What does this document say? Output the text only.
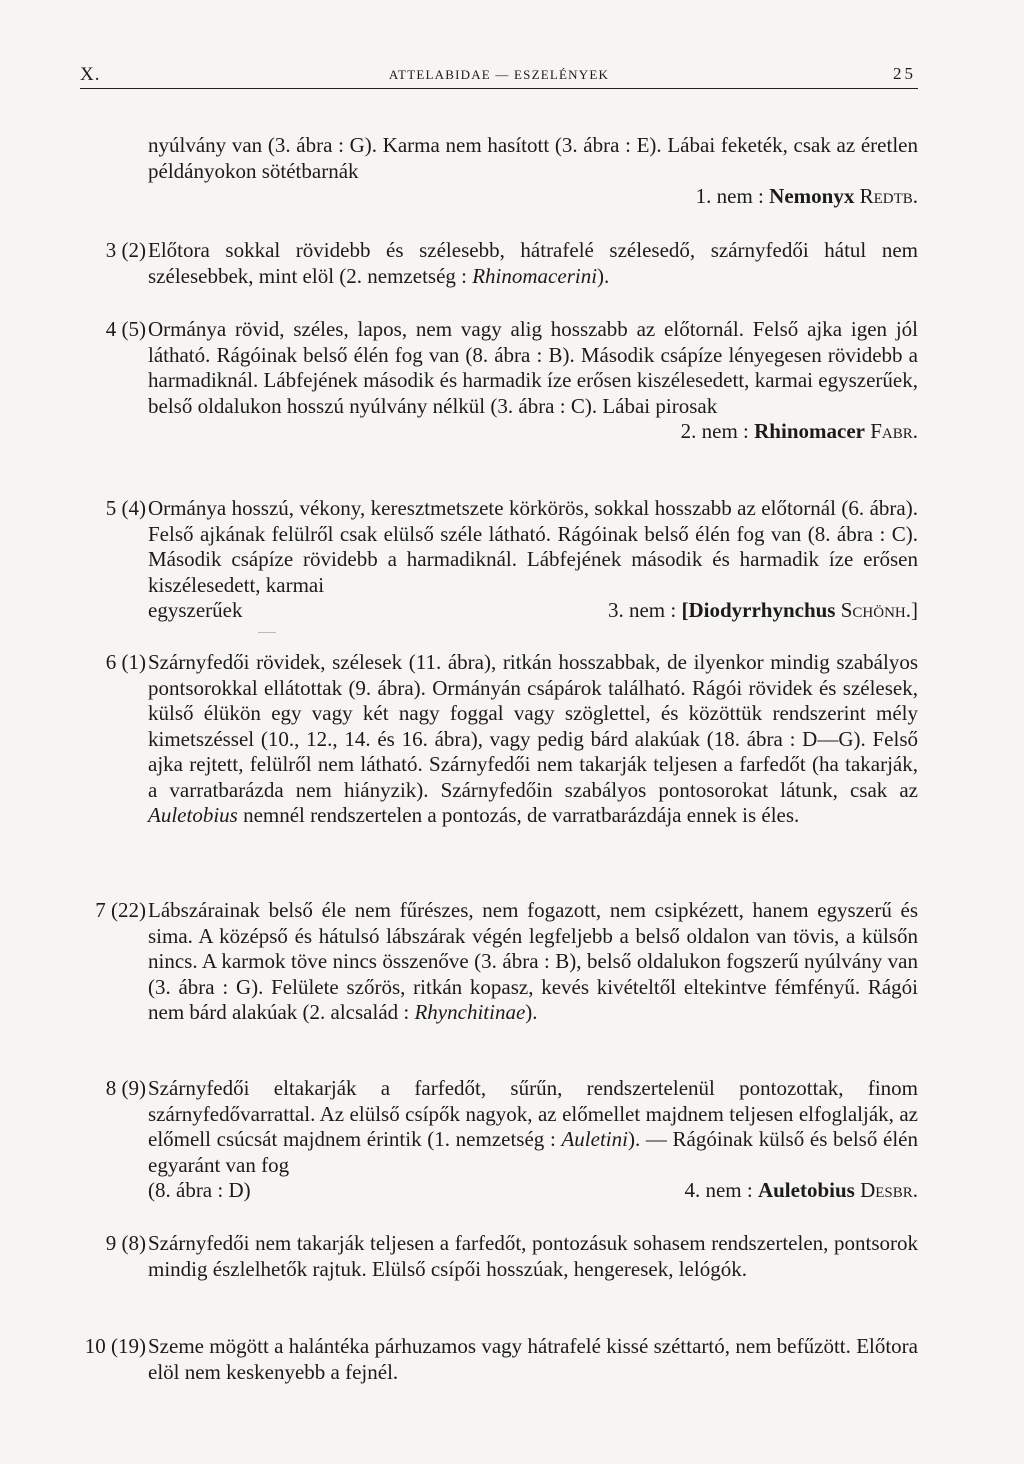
X.	ATTELABIDAE — ESZELÉNYEK	25
nyúlvány van (3. ábra : G). Karma nem hasított (3. ábra : E). Lábai feketék, csak az éretlen példányokon sötétbarnák
1. nem : Nemonyx Redtb.
3 (2) Előtora sokkal rövidebb és szélesebb, hátrafelé szélesedő, szárnyfedői hátul nem szélesebbek, mint elöl (2. nemzetség : Rhinomacerini).
4 (5) Ormánya rövid, széles, lapos, nem vagy alig hosszabb az előtornál. Felső ajka igen jól látható. Rágóinak belső élén fog van (8. ábra : B). Második csápíze lényegesen rövidebb a harmadiknál. Lábfejének második és harmadik íze erősen kiszélesedett, karmai egyszerűek, belső oldalukon hosszú nyúlvány nélkül (3. ábra : C). Lábai pirosak
2. nem : Rhinomacer Fabr.
5 (4) Ormánya hosszú, vékony, keresztmetszete körkörös, sokkal hosszabb az előtornál (6. ábra). Felső ajkának felülről csak elülső széle látható. Rágóinak belső élén fog van (8. ábra : C). Második csápíze rövidebb a harmadiknál. Lábfejének második és harmadik íze erősen kiszélesedett, karmai
egyszerűek	3. nem : [Diodyrrhynchus Schönh.]
6 (1) Szárnyfedői rövidek, szélesek (11. ábra), ritkán hosszabbak, de ilyenkor mindig szabályos pontsorokkal ellátottak (9. ábra). Ormányán csápárok található. Rágói rövidek és szélesek, külső élükön egy vagy két nagy foggal vagy szöglettel, és közöttük rendszerint mély kimetszéssel (10., 12., 14. és 16. ábra), vagy pedig bárd alakúak (18. ábra : D—G). Felső ajka rejtett, felülről nem látható. Szárnyfedői nem takarják teljesen a farfedőt (ha takarják, a varratbarázda nem hiányzik). Szárnyfedőin szabályos pontosorokat látunk, csak az Auletobius nemnél rendszertelen a pontozás, de varratbarázdája ennek is éles.
7 (22) Lábszárainak belső éle nem fűrészes, nem fogazott, nem csipkézett, hanem egyszerű és sima. A középső és hátulsó lábszárak végén legfeljebb a belső oldalon van tövis, a külsőn nincs. A karmok töve nincs összenőve (3. ábra : B), belső oldalukon fogszerű nyúlvány van (3. ábra : G). Felülete szőrös, ritkán kopasz, kevés kivételtől eltekintve fémfényű. Rágói nem bárd alakúak (2. alcsalád : Rhynchitinae).
8 (9) Szárnyfedői eltakarják a farfedőt, sűrűn, rendszertelenül pontozottak, finom szárnyfedővarrattal. Az elülső csípők nagyok, az előmellet majdnem teljesen elfoglalják, az előmell csúcsát majdnem érintik (1. nemzetség : Auletini). — Rágóinak külső és belső élén egyaránt van fog
(8. ábra : D)	4. nem : Auletobius Desbr.
9 (8) Szárnyfedői nem takarják teljesen a farfedőt, pontozásuk sohasem rendszertelen, pontsorok mindig észlelhetők rajtuk. Elülső csípői hosszúak, hengeresek, lelógók.
10 (19) Szeme mögött a halántéka párhuzamos vagy hátrafelé kissé széttartó, nem befűzött. Előtora elöl nem keskenyebb a fejnél.
